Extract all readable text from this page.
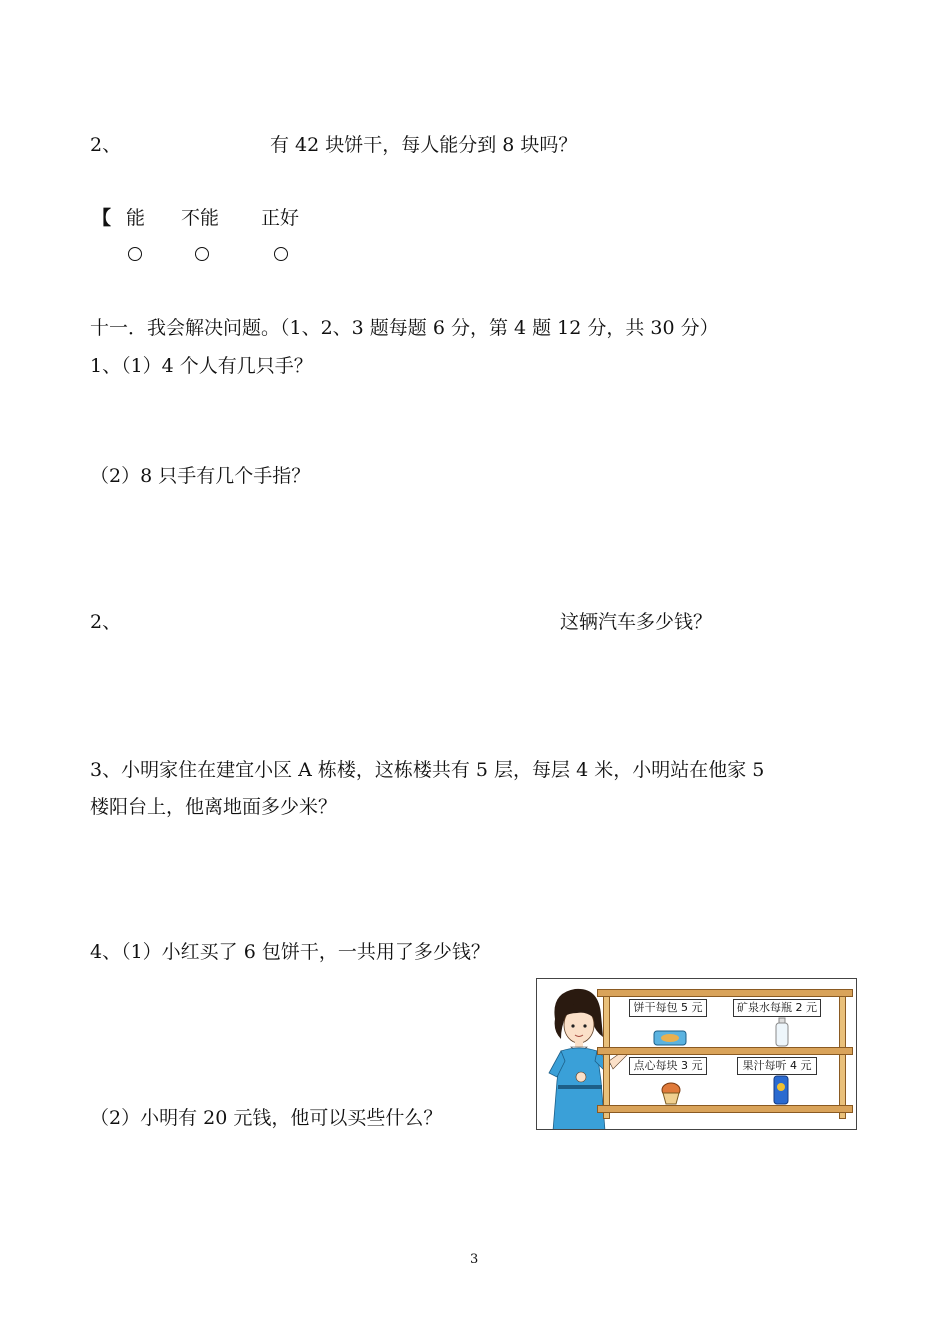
2、	有 42 块饼干，每人能分到 8 块吗？
【 能 不能 正好
十一．我会解决问题。（1、2、3 题每题 6 分，第 4 题 12 分，共 30 分）
1、（1）4 个人有几只手？
（2）8 只手有几个手指？
2、	这辆汽车多少钱？
3、小明家住在建宜小区 A 栋楼，这栋楼共有 5 层，每层 4 米，小明站在他家 5
楼阳台上，他离地面多少米？
4、（1）小红买了 6 包饼干，一共用了多少钱？
（2）小明有 20 元钱，他可以买些什么？
饼干每包 5 元	矿泉水每瓶 2 元
点心每块 3 元	果汁每听 4 元
3
